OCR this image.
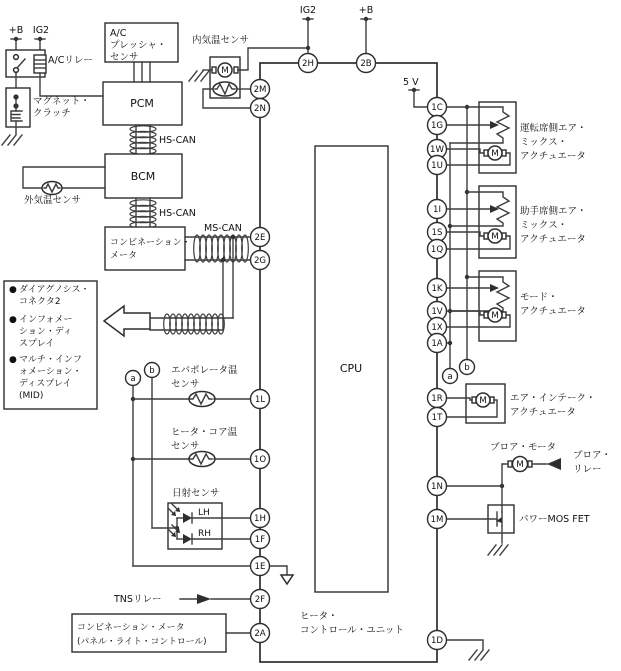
CPU
ヒータ・
コントロール・ユニット
IG2	+B
+B IG2
A/Cリレー
マグネット・
クラッチ
A/C
プレッシャ・
センサ
PCM
HS-CAN
BCM
外気温センサ
HS-CAN
コンビネーション・
メータ
MS-CAN
● ダイアグノシス・
コネクタ2
● インフォメー
ション・ディ
スプレイ
● マルチ・インフ
ォメーション・
ディスプレイ
(MID)
内気温センサ
M
a
b エバポレータ温
センサ
ヒータ・コア温
センサ
日射センサ
LH
RH
TNSリレー
コンビネーション・メータ
(パネル・ライト・コントロール)
5 V
a
b
M
運転席側エア・
ミックス・
アクチュエータ
M
助手席側エア・
ミックス・
アクチュエータ
M
モード・
アクチュエータ
M エア・インテーク・
アクチュエータ
ブロア・モータ
M
ブロア・
リレー
パワーMOS FET
2H	2B
2M
2N
2E
2G
1L
1O
1H
1F
1E
2F
2A
1C
1G
1W
1U
1I
1S
1Q
1K
1V
1X
1A
1R
1T
1N
1M
1D
